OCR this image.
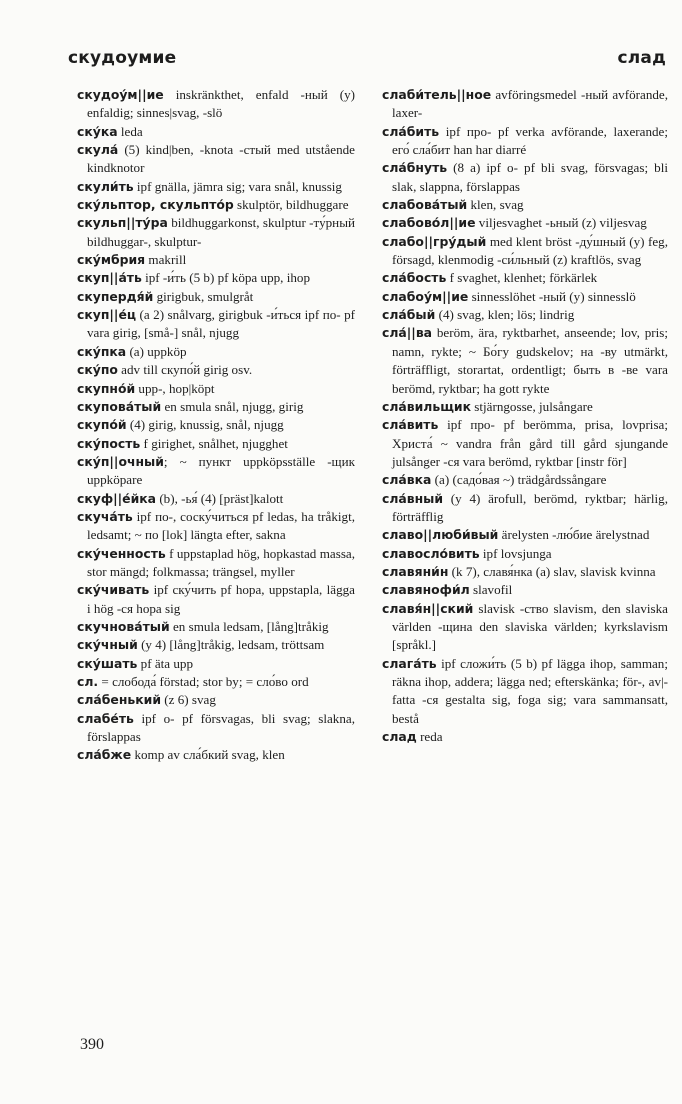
скудоумие	слад

скудоу́м||ие inskränkthet, enfald -ный (у) enfaldig; sinnes|svag, -slö

ску́ка leda

скула́ (5) kind|ben, -knota -стый med utstående kindknotor

скули́ть ipf gnälla, jämra sig; vara snål, knussig

ску́льптор, скульпто́р skulptör, bildhuggare

скульп||ту́ра bildhuggarkonst, skulptur -ту́рный bildhuggar-, skulptur-

ску́мбрия makrill

скуп||а́ть ipf -и́ть (5 b) pf köpa upp, ihop

скупердя́й girigbuk, smulgråt

скуп||е́ц (a 2) snålvarg, girigbuk -и́ться ipf по- pf vara girig, [små-] snål, njugg

ску́пка (a) uppköp

ску́по adv till скупо́й girig osv.

скупно́й upp-, hop|köpt

скупова́тый en smula snål, njugg, girig

скупо́й (4) girig, knussig, snål, njugg

ску́пость f girighet, snålhet, njugghet

ску́п||очный; ~ пункт uppköpsställe -щик uppköpare

скуф||е́йка (b), -ья́ (4) [präst]kalott

скуча́ть ipf по-, соску́читься pf ledas, ha tråkigt, ledsamt; ~ по [lok] längta efter, sakna

ску́ченность f uppstaplad hög, hopkastad massa, stor mängd; folkmassa; trängsel, myller

ску́чивать ipf ску́чить pf hopa, uppstapla, lägga i hög -ся hopa sig

скучнова́тый en smula ledsam, [lång]tråkig

ску́чный (у 4) [lång]tråkig, ledsam, tröttsam

ску́шать pf äta upp

сл. = слобода́ förstad; stor by; = сло́во ord

сла́бенький (z 6) svag

слабе́ть ipf о- pf försvagas, bli svag; slakna, förslappas

сла́бже komp av сла́бкий svag, klen

слаби́тель||ное avföringsmedel -ный avförande, laxer-

сла́бить ipf про- pf verka avförande, laxerande; его́ сла́бит han har diarré

сла́бнуть (8 a) ipf о- pf bli svag, försvagas; bli slak, slappna, förslappas

слабова́тый klen, svag

слабово́л||ие viljesvaghet -ьный (z) viljesvag

слабо||гру́дый med klent bröst -ду́шный (у) feg, försagd, klenmodig -си́льный (z) kraftlös, svag

сла́бость f svaghet, klenhet; förkärlek

слабоу́м||ие sinnesslöhet -ный (у) sinnesslö

сла́бый (4) svag, klen; lös; lindrig

сла́||ва beröm, ära, ryktbarhet, anseende; lov, pris; namn, rykte; ~ Бо́гу gudskelov; на -ву utmärkt, förträffligt, storartat, ordentligt; быть в -ве vara berömd, ryktbar; ha gott rykte

сла́вильщик stjärngosse, julsångare

сла́вить ipf про- pf berömma, prisa, lovprisa; Христа́ ~ vandra från gård till gård sjungande julsånger -ся vara berömd, ryktbar [instr för]

сла́вка (a) (садо́вая ~) trädgårdssångare

сла́вный (у 4) ärofull, berömd, ryktbar; härlig, förträfflig

славо||люби́вый ärelysten -лю́бие ärelystnad

славосло́вить ipf lovsjunga

славяни́н (k 7), славя́нка (a) slav, slavisk kvinna

славянофи́л slavofil

славя́н||ский slavisk -ство slavism, den slaviska världen -щина den slaviska världen; kyrkslavism [språkl.]

слага́ть ipf сложи́ть (5 b) pf lägga ihop, samman; räkna ihop, addera; lägga ned; efterskänka; för-, av|-fatta -ся gestalta sig, foga sig; vara sammansatt, bestå

слад reda

390
